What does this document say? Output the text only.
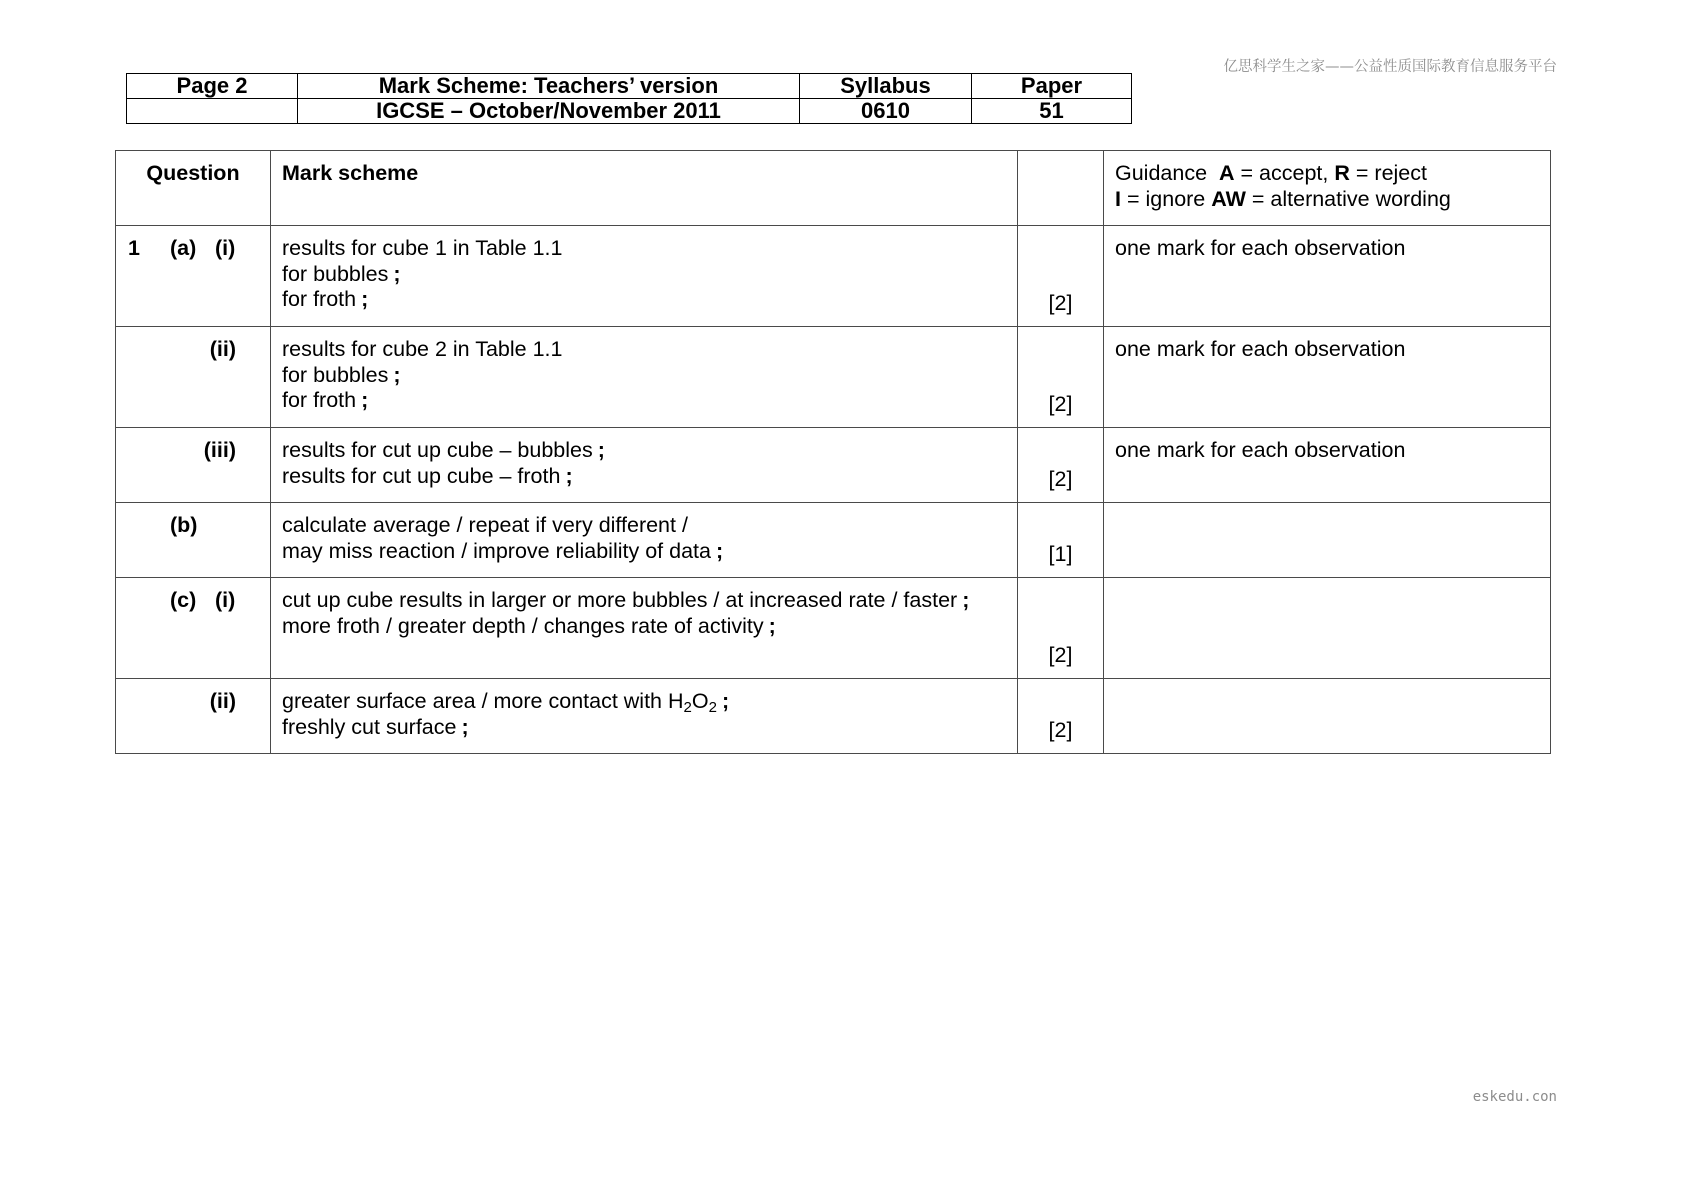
亿思科学生之家——公益性质国际教育信息服务平台
Page 2	Mark Scheme: Teachers’ version	Syllabus	Paper
	IGCSE – October/November 2011	0610	51
Question	Mark scheme		Guidance A = accept, R = reject
I = ignore AW = alternative wording

1 (a) (i)	results for cube 1 in Table 1.1
for bubbles ;
for froth ;	[2]	one mark for each observation

(ii)	results for cube 2 in Table 1.1
for bubbles ;
for froth ;	[2]	one mark for each observation

(iii)	results for cut up cube – bubbles ;
results for cut up cube – froth ;	[2]	one mark for each observation

(b)	calculate average / repeat if very different /
may miss reaction / improve reliability of data ;	[1]	

(c) (i)	cut up cube results in larger or more bubbles / at increased rate / faster ;
more froth / greater depth / changes rate of activity ;	[2]	

(ii)	greater surface area / more contact with $H_2O_2$ ;
freshly cut surface ;	[2]	

eskedu.con
